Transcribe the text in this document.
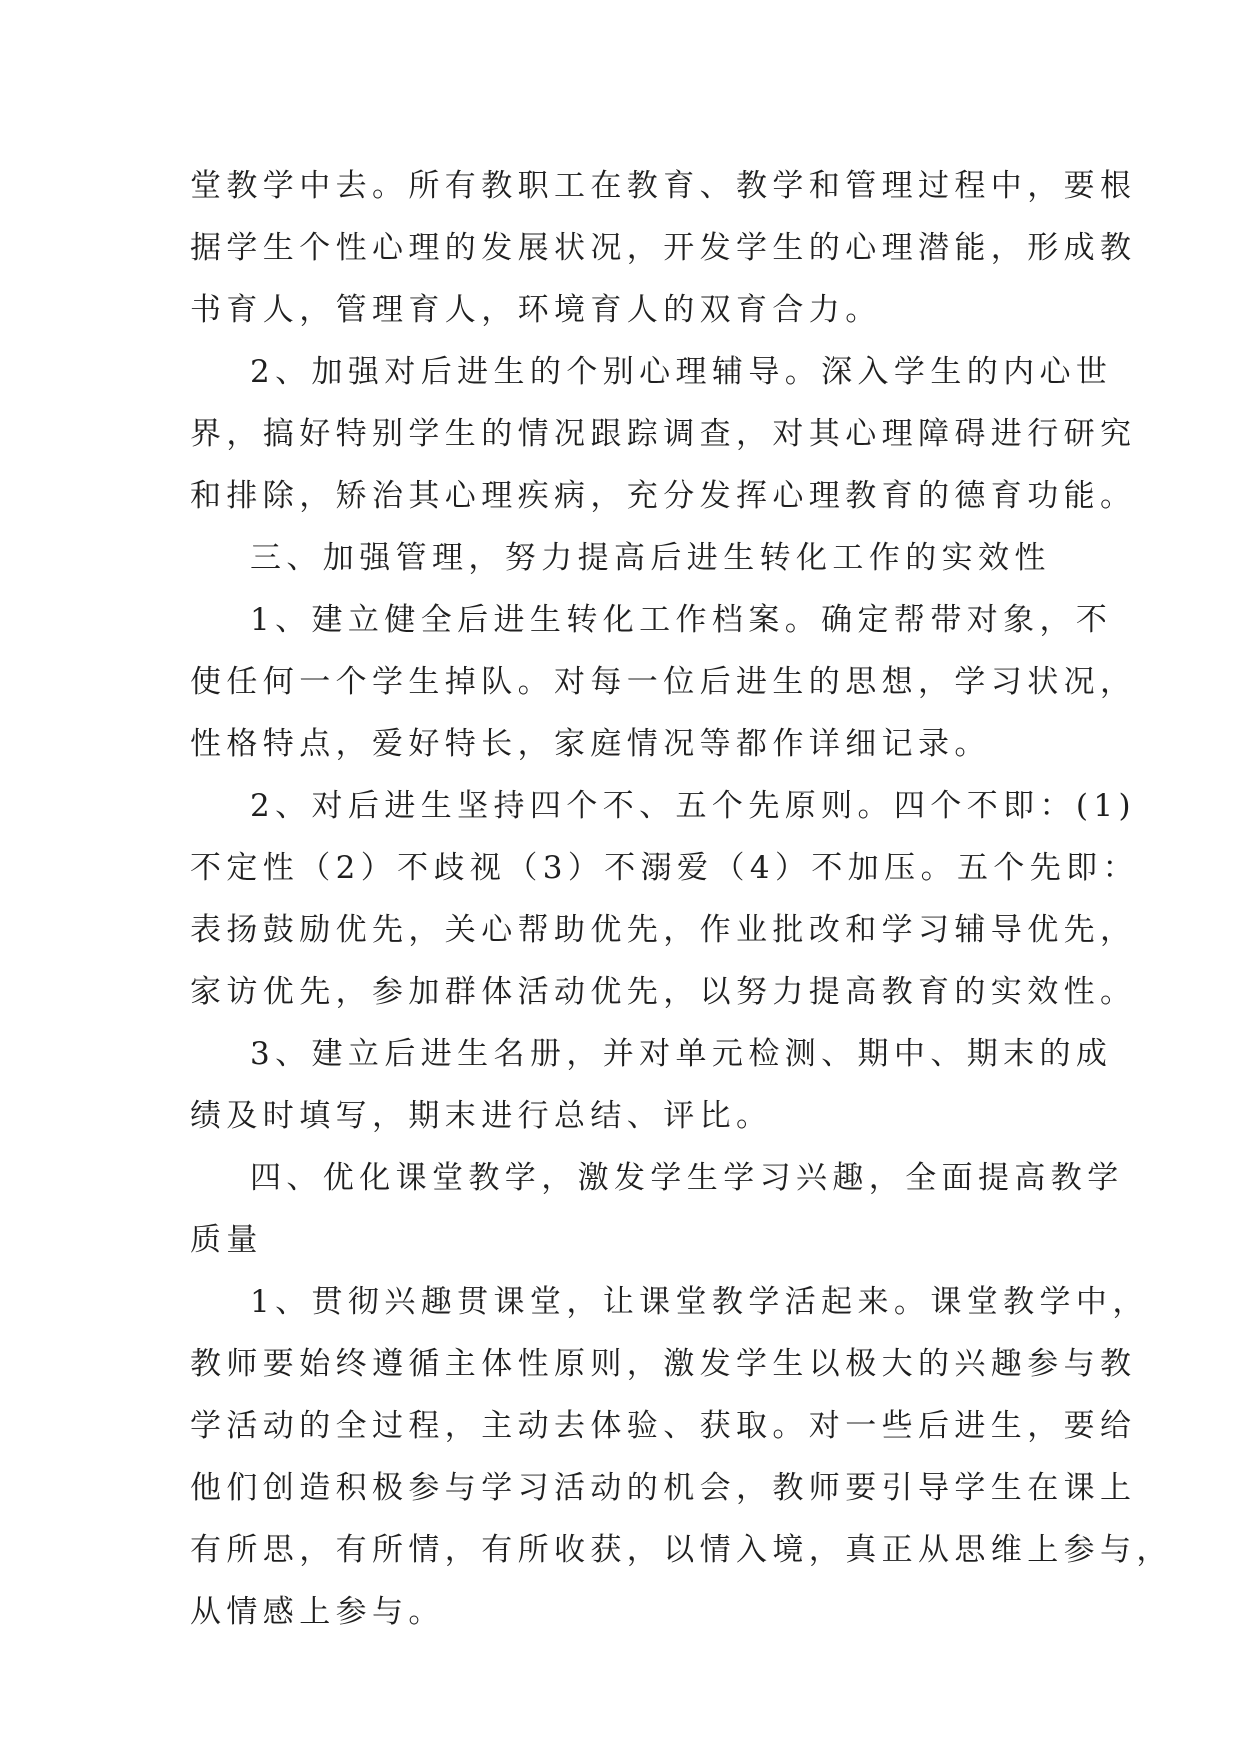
堂教学中去。所有教职工在教育、教学和管理过程中，要根
据学生个性心理的发展状况，开发学生的心理潜能，形成教
书育人，管理育人，环境育人的双育合力。
2、加强对后进生的个别心理辅导。深入学生的内心世
界，搞好特别学生的情况跟踪调查，对其心理障碍进行研究
和排除，矫治其心理疾病，充分发挥心理教育的德育功能。
三、加强管理，努力提高后进生转化工作的实效性
1、建立健全后进生转化工作档案。确定帮带对象，不
使任何一个学生掉队。对每一位后进生的思想，学习状况，
性格特点，爱好特长，家庭情况等都作详细记录。
2、对后进生坚持四个不、五个先原则。四个不即：(1)
不定性（2）不歧视（3）不溺爱（4）不加压。五个先即：
表扬鼓励优先，关心帮助优先，作业批改和学习辅导优先，
家访优先，参加群体活动优先，以努力提高教育的实效性。
3、建立后进生名册，并对单元检测、期中、期末的成
绩及时填写，期末进行总结、评比。
四、优化课堂教学，激发学生学习兴趣，全面提高教学
质量
1、贯彻兴趣贯课堂，让课堂教学活起来。课堂教学中，
教师要始终遵循主体性原则，激发学生以极大的兴趣参与教
学活动的全过程，主动去体验、获取。对一些后进生，要给
他们创造积极参与学习活动的机会，教师要引导学生在课上
有所思，有所情，有所收获，以情入境，真正从思维上参与，
从情感上参与。
